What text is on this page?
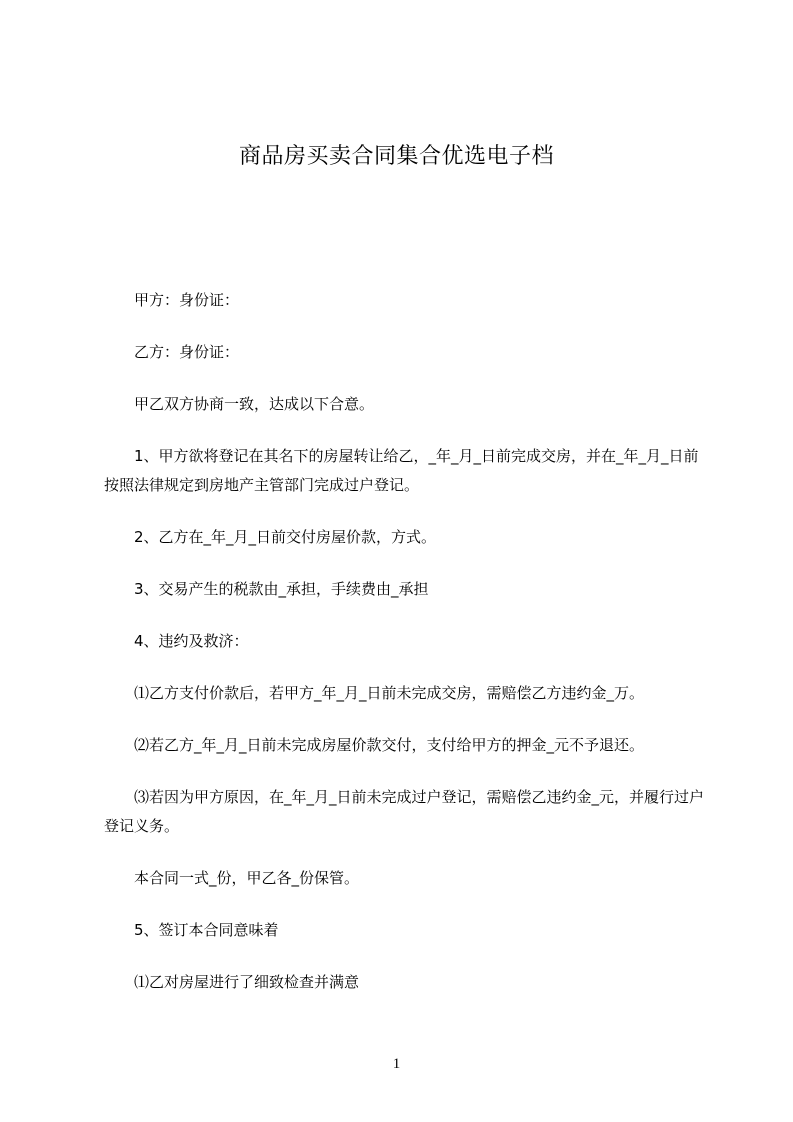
商品房买卖合同集合优选电子档

甲方：身份证：

乙方：身份证：

甲乙双方协商一致，达成以下合意。

1、甲方欲将登记在其名下的房屋转让给乙，_年_月_日前完成交房，并在_年_月_日前按照法律规定到房地产主管部门完成过户登记。

2、乙方在_年_月_日前交付房屋价款，方式。

3、交易产生的税款由_承担，手续费由_承担

4、违约及救济：

⑴乙方支付价款后，若甲方_年_月_日前未完成交房，需赔偿乙方违约金_万。

⑵若乙方_年_月_日前未完成房屋价款交付，支付给甲方的押金_元不予退还。

⑶若因为甲方原因，在_年_月_日前未完成过户登记，需赔偿乙违约金_元，并履行过户登记义务。

本合同一式_份，甲乙各_份保管。

5、签订本合同意味着

⑴乙对房屋进行了细致检查并满意

1
